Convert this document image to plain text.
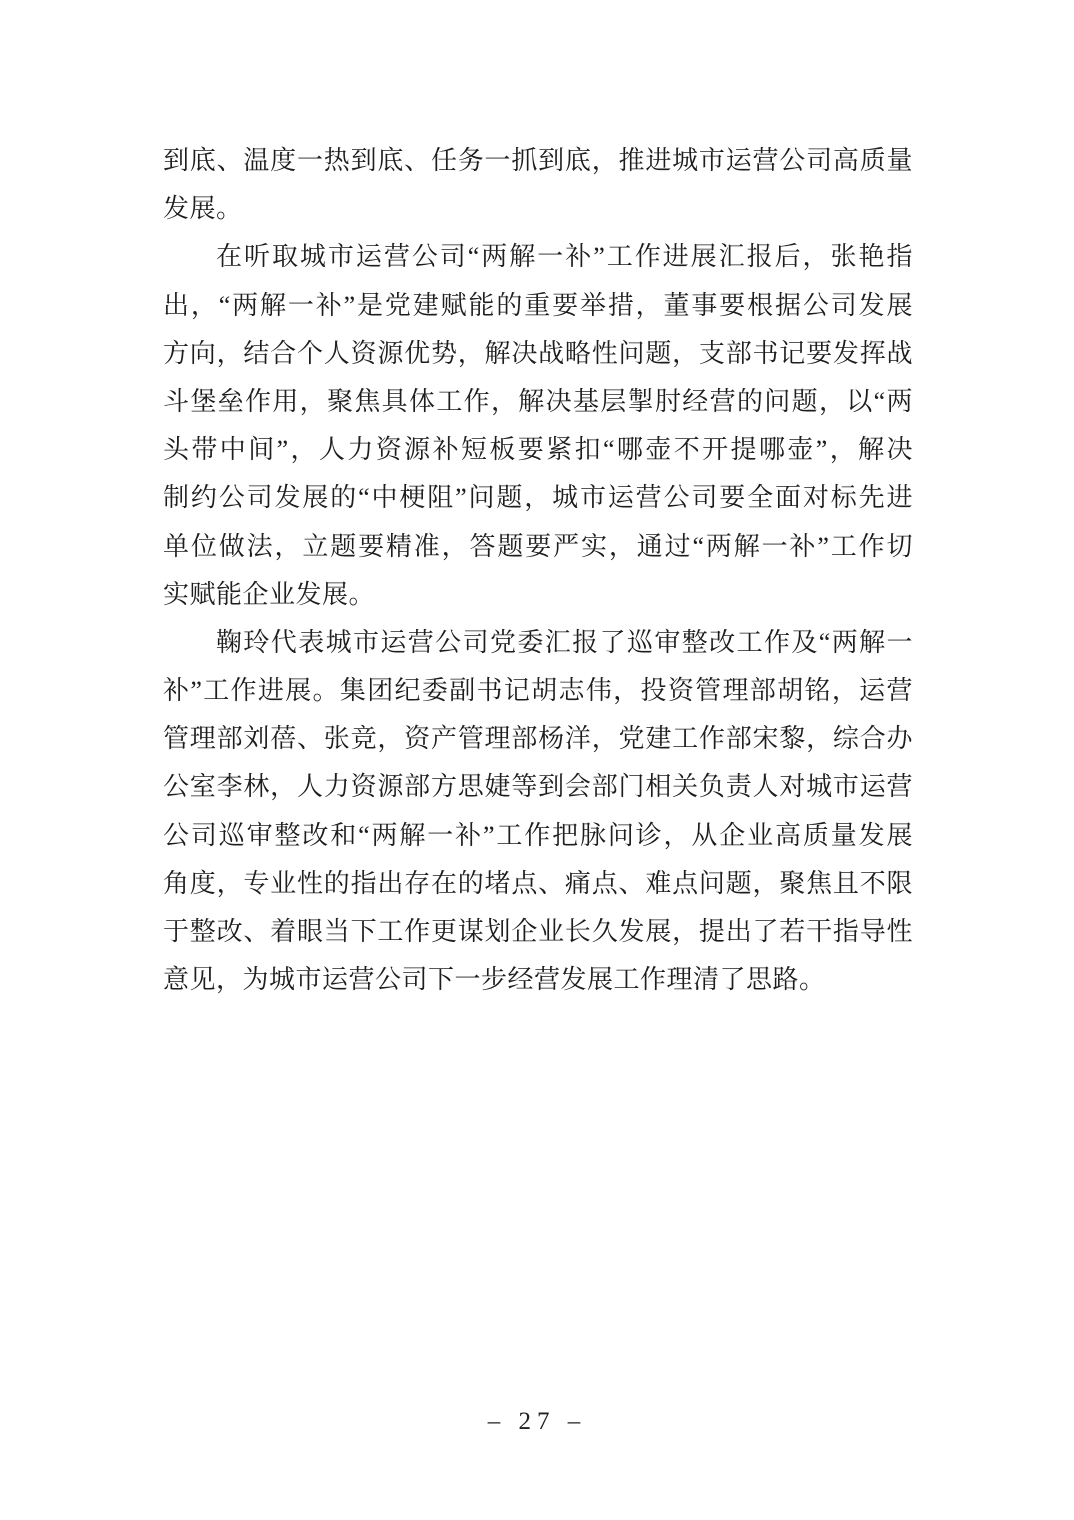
到底、温度一热到底、任务一抓到底，推进城市运营公司高质量
发展。
在听取城市运营公司“两解一补”工作进展汇报后，张艳指
出，“两解一补”是党建赋能的重要举措，董事要根据公司发展
方向，结合个人资源优势，解决战略性问题，支部书记要发挥战
斗堡垒作用，聚焦具体工作，解决基层掣肘经营的问题，以“两
头带中间”，人力资源补短板要紧扣“哪壶不开提哪壶”，解决
制约公司发展的“中梗阻”问题，城市运营公司要全面对标先进
单位做法，立题要精准，答题要严实，通过“两解一补”工作切
实赋能企业发展。
鞠玲代表城市运营公司党委汇报了巡审整改工作及“两解一
补”工作进展。集团纪委副书记胡志伟，投资管理部胡铭，运营
管理部刘蓓、张竞，资产管理部杨洋，党建工作部宋黎，综合办
公室李林，人力资源部方思婕等到会部门相关负责人对城市运营
公司巡审整改和“两解一补”工作把脉问诊，从企业高质量发展
角度，专业性的指出存在的堵点、痛点、难点问题，聚焦且不限
于整改、着眼当下工作更谋划企业长久发展，提出了若干指导性
意见，为城市运营公司下一步经营发展工作理清了思路。
– 27 –
